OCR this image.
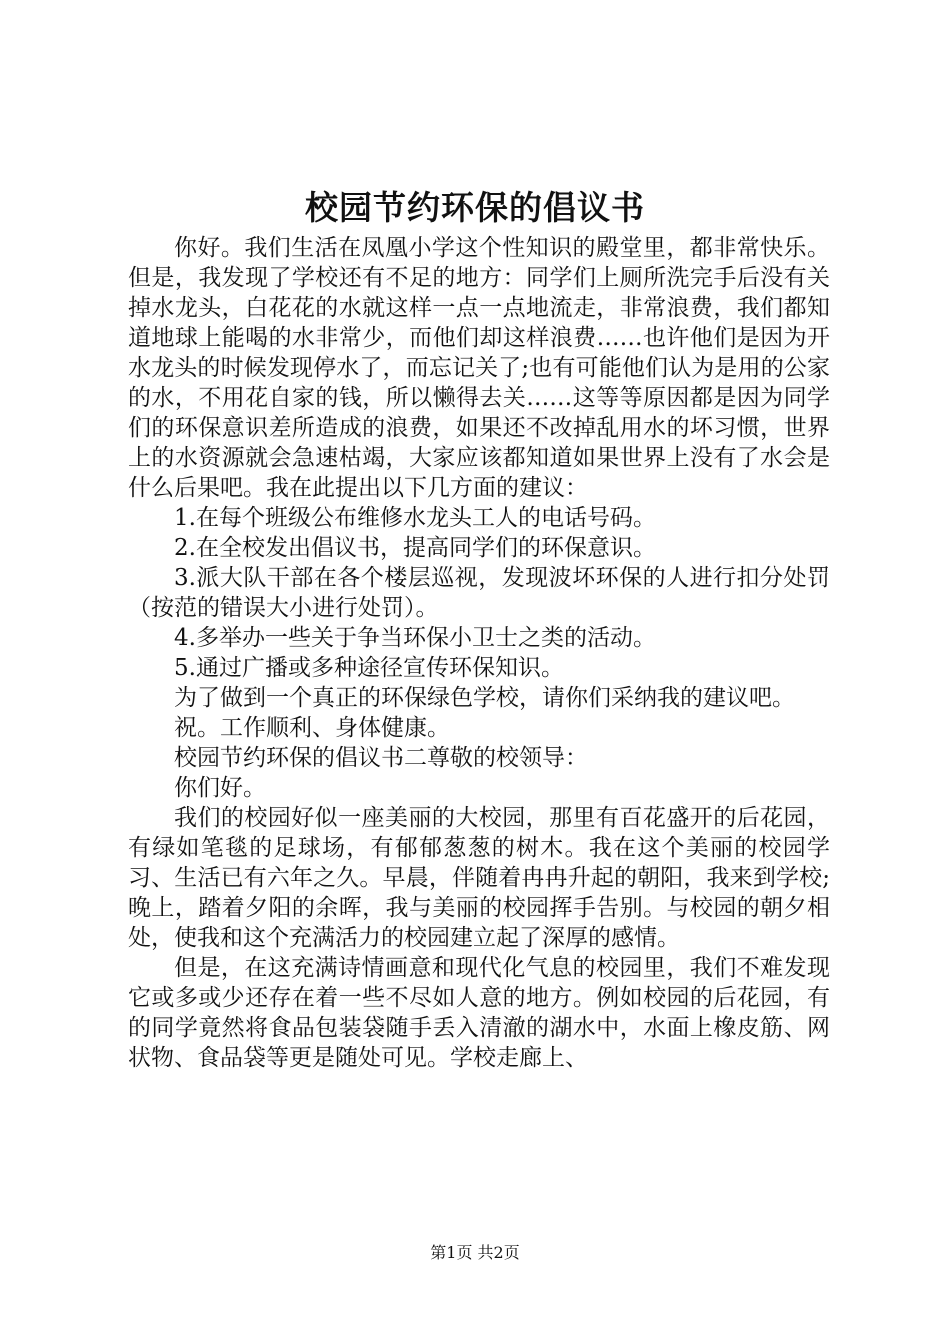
校园节约环保的倡议书

你好。我们生活在凤凰小学这个性知识的殿堂里，都非常快乐。但是，我发现了学校还有不足的地方：同学们上厕所洗完手后没有关掉水龙头，白花花的水就这样一点一点地流走，非常浪费，我们都知道地球上能喝的水非常少，而他们却这样浪费……也许他们是因为开水龙头的时候发现停水了，而忘记关了;也有可能他们认为是用的公家的水，不用花自家的钱，所以懒得去关……这等等原因都是因为同学们的环保意识差所造成的浪费，如果还不改掉乱用水的坏习惯，世界上的水资源就会急速枯竭，大家应该都知道如果世界上没有了水会是什么后果吧。我在此提出以下几方面的建议：

1.在每个班级公布维修水龙头工人的电话号码。

2.在全校发出倡议书，提高同学们的环保意识。

3.派大队干部在各个楼层巡视，发现波坏环保的人进行扣分处罚（按范的错误大小进行处罚）。

4.多举办一些关于争当环保小卫士之类的活动。

5.通过广播或多种途径宣传环保知识。

为了做到一个真正的环保绿色学校，请你们采纳我的建议吧。

祝。工作顺利、身体健康。

校园节约环保的倡议书二尊敬的校领导：

你们好。

我们的校园好似一座美丽的大校园，那里有百花盛开的后花园，有绿如笔毯的足球场，有郁郁葱葱的树木。我在这个美丽的校园学习、生活已有六年之久。早晨，伴随着冉冉升起的朝阳，我来到学校;晚上，踏着夕阳的余晖，我与美丽的校园挥手告别。与校园的朝夕相处，使我和这个充满活力的校园建立起了深厚的感情。

但是，在这充满诗情画意和现代化气息的校园里，我们不难发现它或多或少还存在着一些不尽如人意的地方。例如校园的后花园，有的同学竟然将食品包装袋随手丢入清澈的湖水中，水面上橡皮筋、网状物、食品袋等更是随处可见。学校走廊上、

第1页 共2页
